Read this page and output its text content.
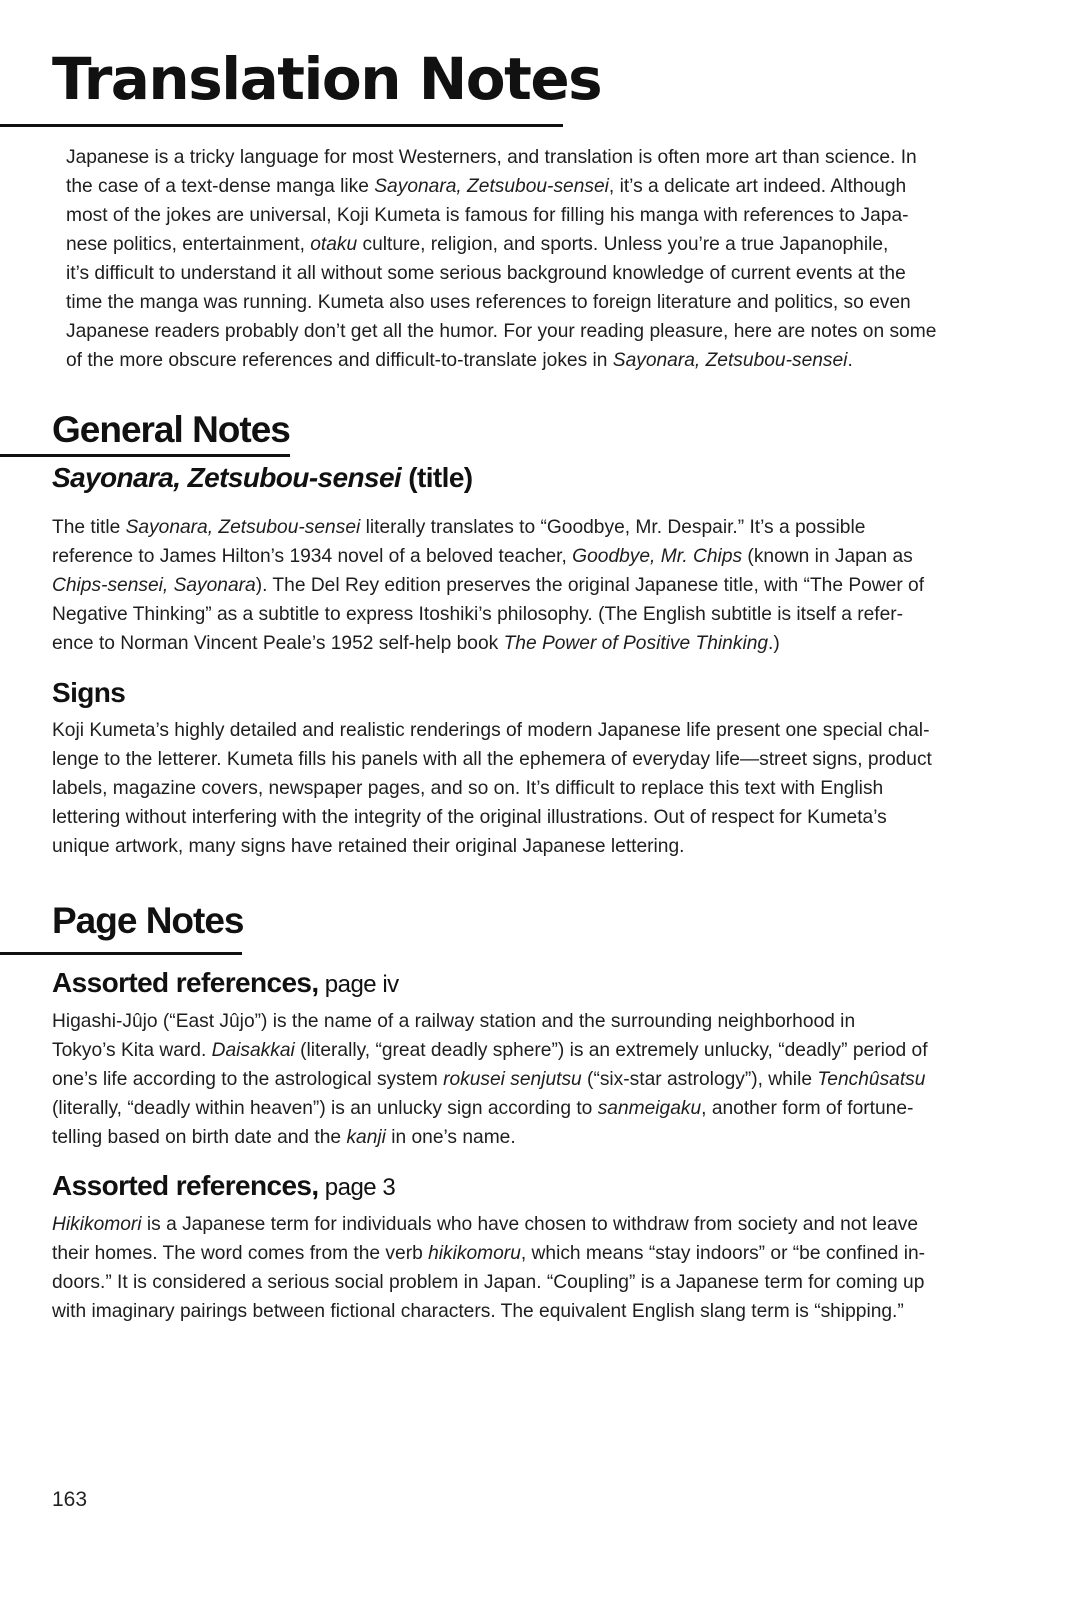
Translation Notes

Japanese is a tricky language for most Westerners, and translation is often more art than science. In
the case of a text-dense manga like Sayonara, Zetsubou-sensei, it’s a delicate art indeed. Although
most of the jokes are universal, Koji Kumeta is famous for filling his manga with references to Japa-
nese politics, entertainment, otaku culture, religion, and sports. Unless you’re a true Japanophile,
it’s difficult to understand it all without some serious background knowledge of current events at the
time the manga was running. Kumeta also uses references to foreign literature and politics, so even
Japanese readers probably don’t get all the humor. For your reading pleasure, here are notes on some
of the more obscure references and difficult-to-translate jokes in Sayonara, Zetsubou-sensei.

General Notes
Sayonara, Zetsubou-sensei (title)

The title Sayonara, Zetsubou-sensei literally translates to “Goodbye, Mr. Despair.” It’s a possible
reference to James Hilton’s 1934 novel of a beloved teacher, Goodbye, Mr. Chips (known in Japan as
Chips-sensei, Sayonara). The Del Rey edition preserves the original Japanese title, with “The Power of
Negative Thinking” as a subtitle to express Itoshiki’s philosophy. (The English subtitle is itself a refer-
ence to Norman Vincent Peale’s 1952 self-help book The Power of Positive Thinking.)

Signs

Koji Kumeta’s highly detailed and realistic renderings of modern Japanese life present one special chal-
lenge to the letterer. Kumeta fills his panels with all the ephemera of everyday life—street signs, product
labels, magazine covers, newspaper pages, and so on. It’s difficult to replace this text with English
lettering without interfering with the integrity of the original illustrations. Out of respect for Kumeta’s
unique artwork, many signs have retained their original Japanese lettering.

Page Notes
Assorted references, page iv

Higashi-Jûjo (“East Jûjo”) is the name of a railway station and the surrounding neighborhood in
Tokyo’s Kita ward. Daisakkai (literally, “great deadly sphere”) is an extremely unlucky, “deadly” period of
one’s life according to the astrological system rokusei senjutsu (“six-star astrology”), while Tenchûsatsu
(literally, “deadly within heaven”) is an unlucky sign according to sanmeigaku, another form of fortune-
telling based on birth date and the kanji in one’s name.

Assorted references, page 3

Hikikomori is a Japanese term for individuals who have chosen to withdraw from society and not leave
their homes. The word comes from the verb hikikomoru, which means “stay indoors” or “be confined in-
doors.” It is considered a serious social problem in Japan. “Coupling” is a Japanese term for coming up
with imaginary pairings between fictional characters. The equivalent English slang term is “shipping.”

163
